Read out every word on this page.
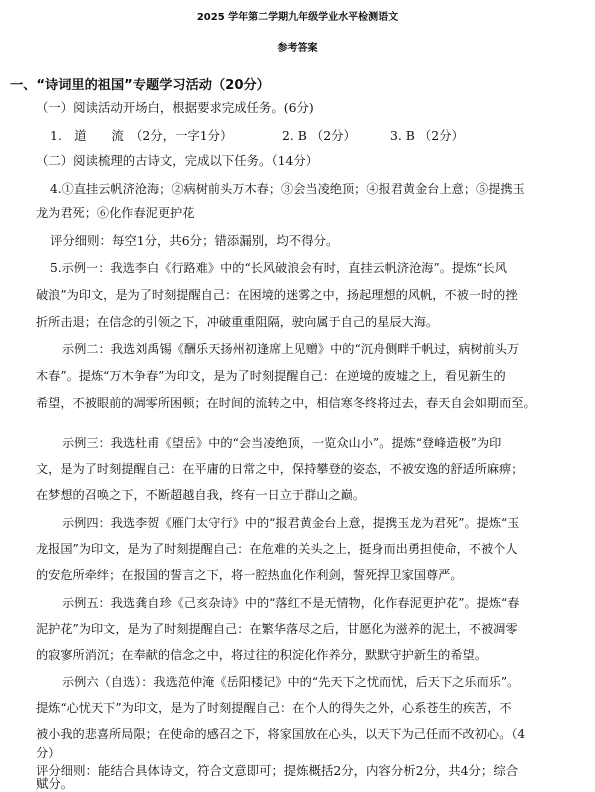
2025 学年第二学期九年级学业水平检测语文
参考答案
一、“诗词里的祖国”专题学习活动（20分）
（一）阅读活动开场白，根据要求完成任务。(6分)
1.　道　　流　（2分，一字1分）	2. B （2分）	3. B （2分）
（二）阅读梳理的古诗文，完成以下任务。（14分）
4.①直挂云帆济沧海；②病树前头万木春；③会当凌绝顶；④报君黄金台上意；⑤提携玉
龙为君死；⑥化作春泥更护花
评分细则：每空1分，共6分；错添漏别，均不得分。
5.示例一：我选李白《行路难》中的“长风破浪会有时，直挂云帆济沧海”。提炼“长风
破浪”为印文，是为了时刻提醒自己：在困境的迷雾之中，扬起理想的风帆，不被一时的挫
折所击退；在信念的引领之下，冲破重重阻隔，驶向属于自己的星辰大海。
示例二：我选刘禹锡《酬乐天扬州初逢席上见赠》中的“沉舟侧畔千帆过，病树前头万
木春”。提炼“万木争春”为印文，是为了时刻提醒自己：在逆境的废墟之上，看见新生的
希望，不被眼前的凋零所困顿；在时间的流转之中，相信寒冬终将过去，春天自会如期而至。
示例三：我选杜甫《望岳》中的“会当凌绝顶，一览众山小”。提炼“登峰造极”为印
文，是为了时刻提醒自己：在平庸的日常之中，保持攀登的姿态，不被安逸的舒适所麻痹；
在梦想的召唤之下，不断超越自我，终有一日立于群山之巅。
示例四：我选李贺《雁门太守行》中的“报君黄金台上意，提携玉龙为君死”。提炼“玉
龙报国”为印文，是为了时刻提醒自己：在危难的关头之上，挺身而出勇担使命，不被个人
的安危所牵绊；在报国的誓言之下，将一腔热血化作利剑，誓死捍卫家国尊严。
示例五：我选龚自珍《己亥杂诗》中的“落红不是无情物，化作春泥更护花”。提炼“春
泥护花”为印文，是为了时刻提醒自己：在繁华落尽之后，甘愿化为滋养的泥土，不被凋零
的寂寥所消沉；在奉献的信念之中，将过往的积淀化作养分，默默守护新生的希望。
示例六（自选）：我选范仲淹《岳阳楼记》中的“先天下之忧而忧，后天下之乐而乐”。
提炼“心忧天下”为印文，是为了时刻提醒自己：在个人的得失之外，心系苍生的疾苦，不
被小我的悲喜所局限；在使命的感召之下，将家国放在心头，以天下为己任而不改初心。（4
分）
评分细则：能结合具体诗文，符合文意即可；提炼概括2分，内容分析2分，共4分；综合
赋分。
